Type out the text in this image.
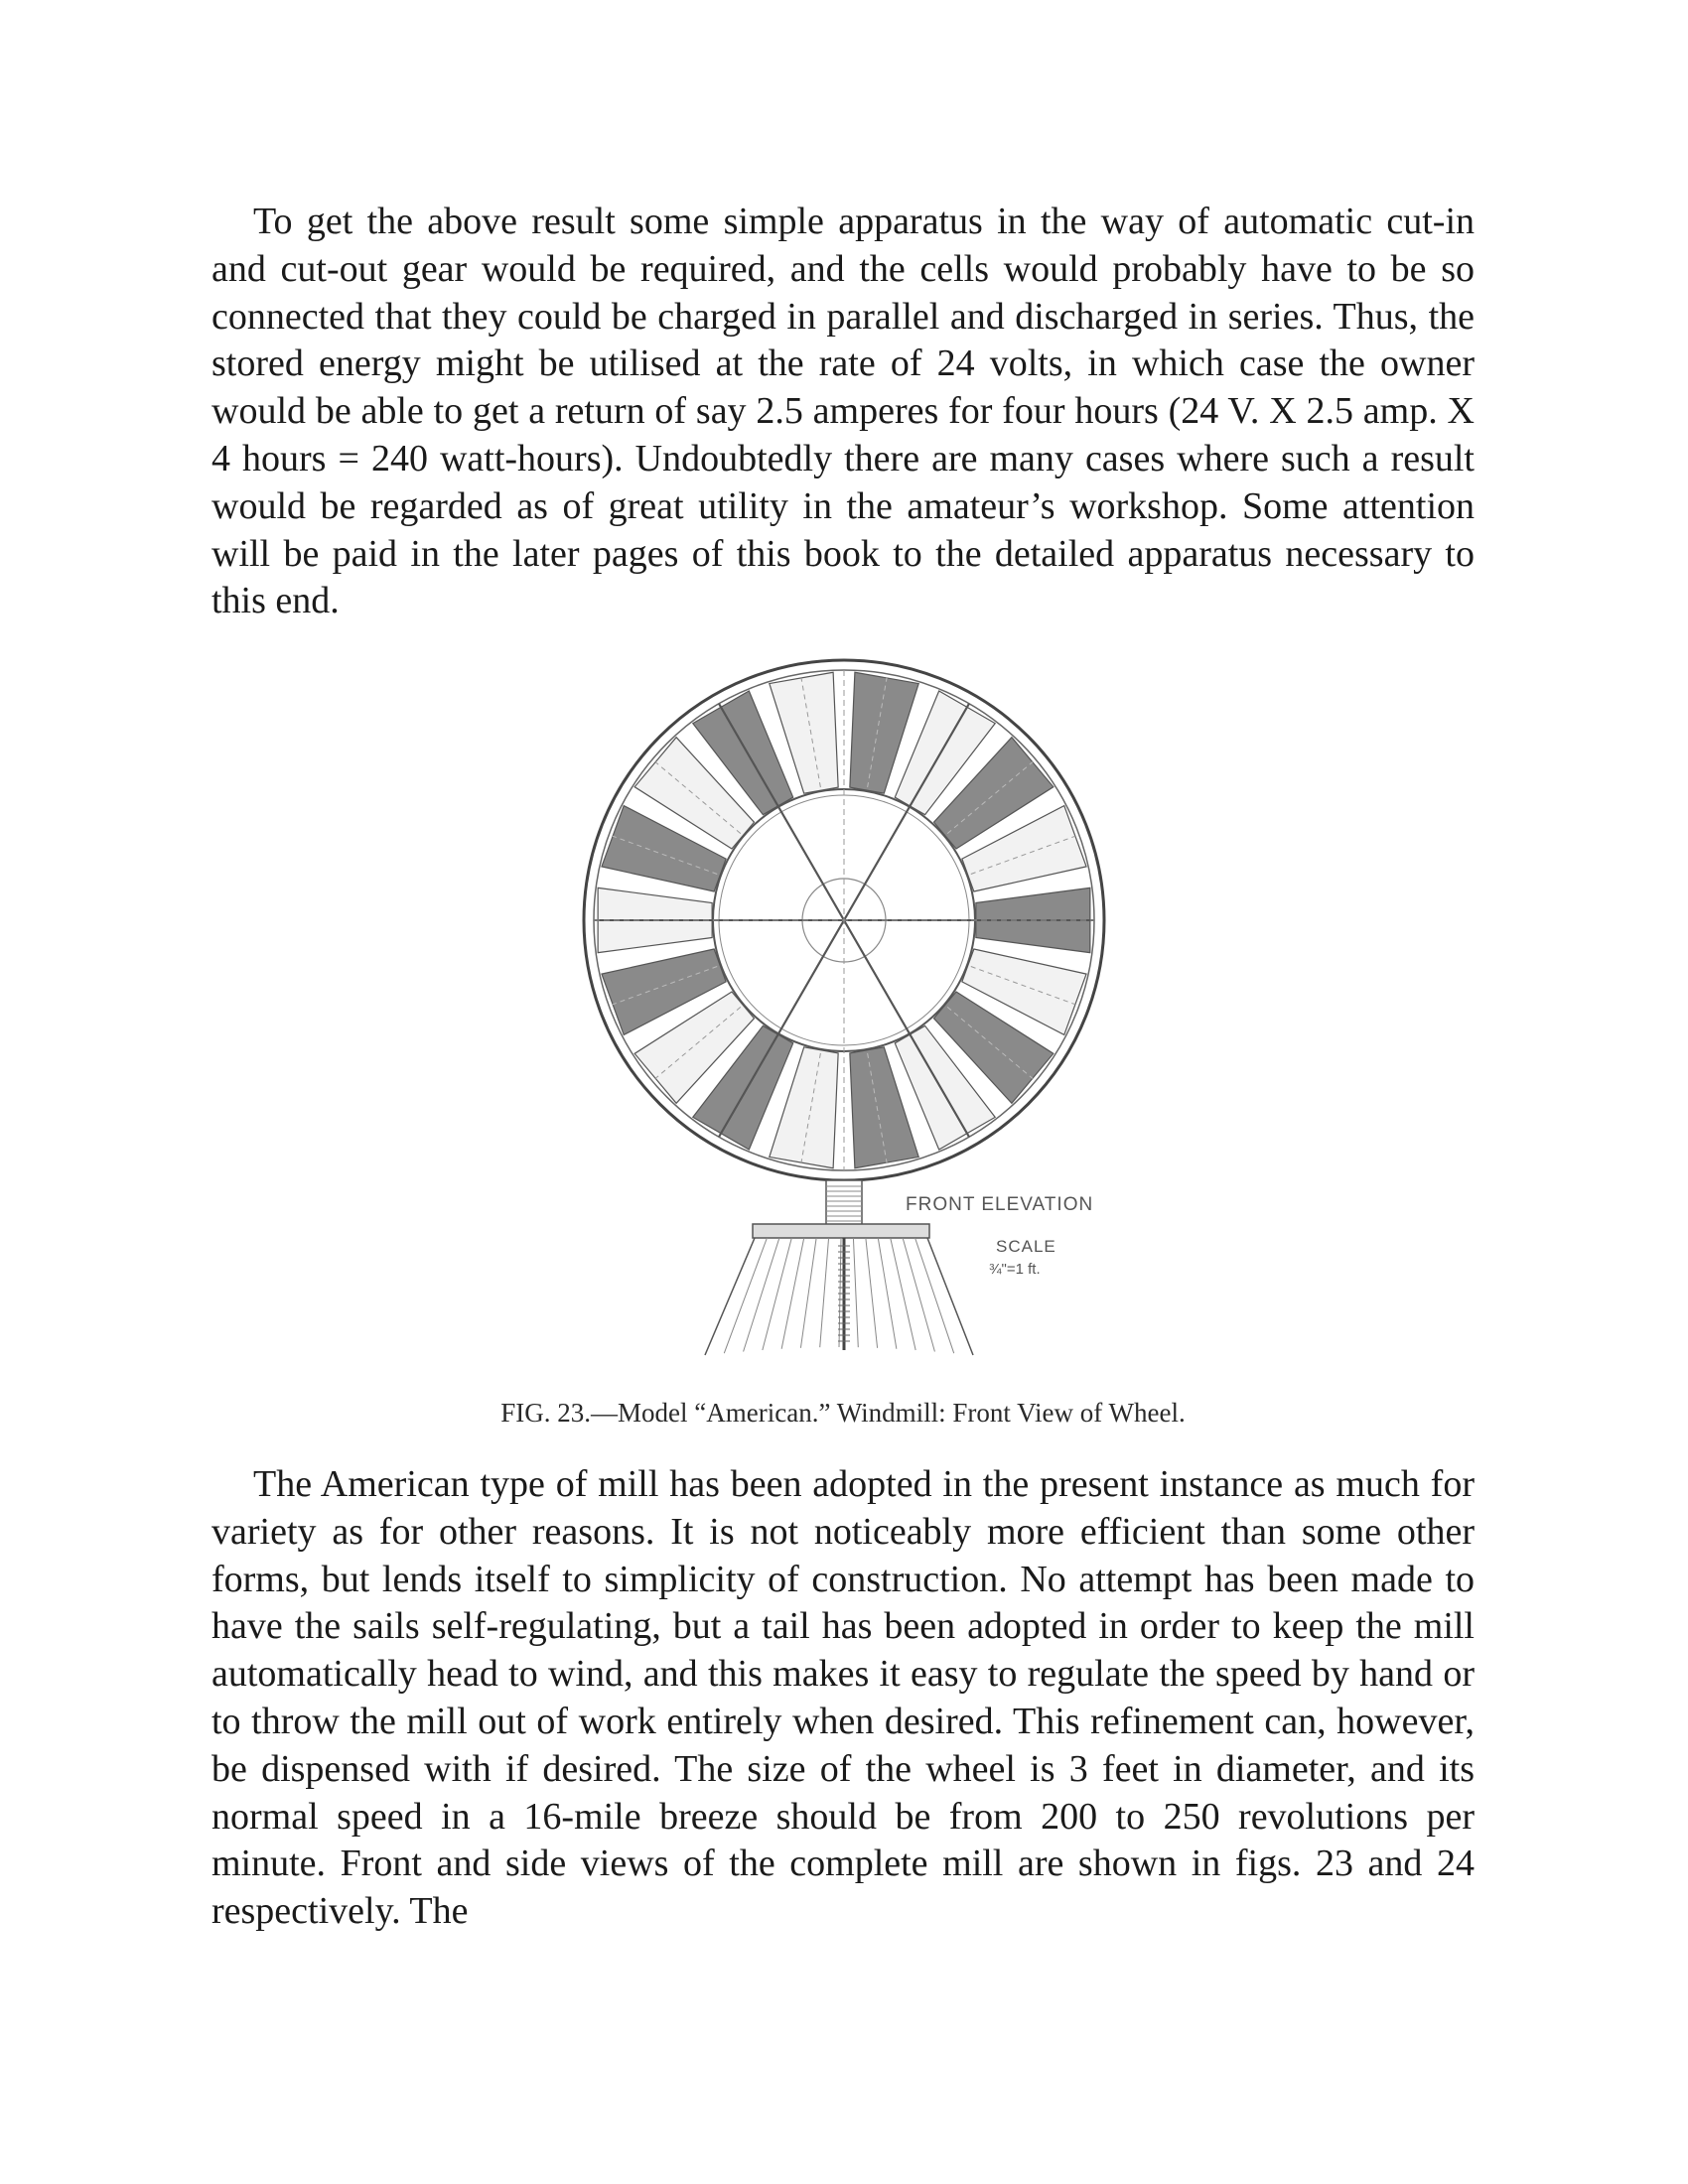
To get the above result some simple apparatus in the way of automatic cut-in and cut-out gear would be required, and the cells would probably have to be so connected that they could be charged in parallel and discharged in series. Thus, the stored energy might be utilised at the rate of 24 volts, in which case the owner would be able to get a return of say 2.5 amperes for four hours (24 V. X 2.5 amp. X 4 hours = 240 watt-hours). Undoubtedly there are many cases where such a result would be regarded as of great utility in the amateur’s workshop. Some attention will be paid in the later pages of this book to the detailed apparatus necessary to this end.

FRONT ELEVATION
SCALE
¾"=1 ft.

FIG. 23.—Model “American.” Windmill: Front View of Wheel.

The American type of mill has been adopted in the present instance as much for variety as for other reasons. It is not noticeably more efficient than some other forms, but lends itself to simplicity of construction. No attempt has been made to have the sails self-regulating, but a tail has been adopted in order to keep the mill automatically head to wind, and this makes it easy to regulate the speed by hand or to throw the mill out of work entirely when desired. This refinement can, however, be dispensed with if desired. The size of the wheel is 3 feet in diameter, and its normal speed in a 16-mile breeze should be from 200 to 250 revolutions per minute. Front and side views of the complete mill are shown in figs. 23 and 24 respectively. The
